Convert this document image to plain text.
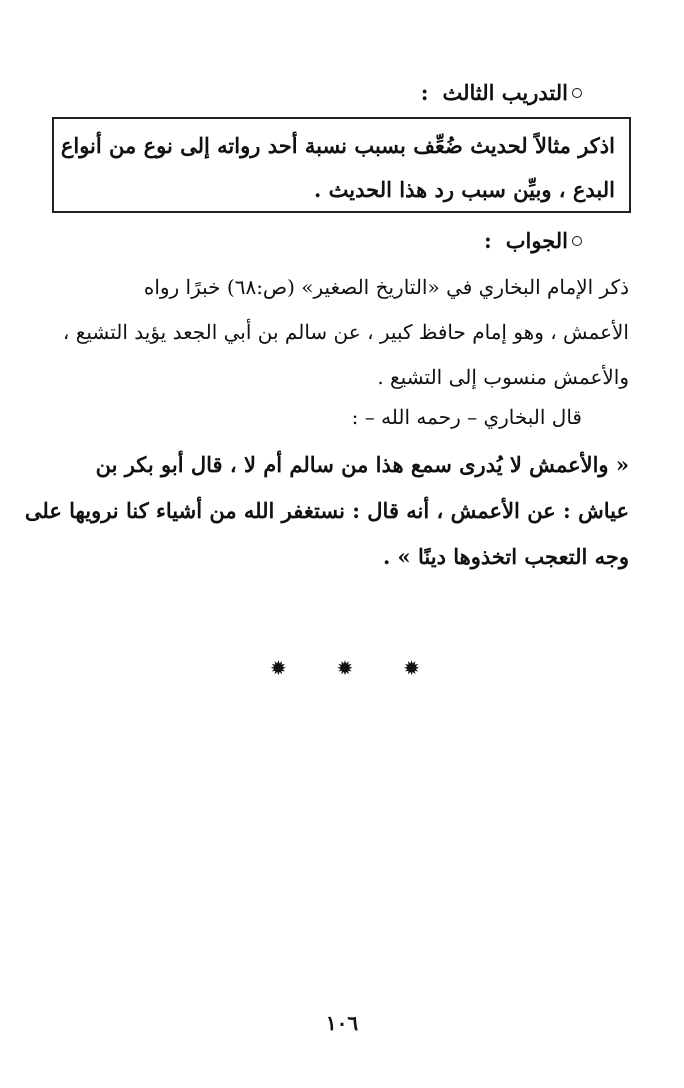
التدريب الثالث
:
اذكر مثالاً لحديث ضُعِّف بسبب نسبة أحد رواته إلى نوع من أنواع
البدع ، وبيِّن سبب رد هذا الحديث .
الجواب
:
ذكر الإمام البخاري في «التاريخ الصغير» (ص:٦٨) خبرًا رواه
الأعمش ، وهو إمام حافظ كبير ، عن سالم بن أبي الجعد يؤيد التشيع ،
والأعمش منسوب إلى التشيع .
قال البخاري – رحمه الله – :
« والأعمش لا يُدرى سمع هذا من سالم أم لا ، قال أبو بكر بن
عياش : عن الأعمش ، أنه قال : نستغفر الله من أشياء كنا نرويها على
وجه التعجب اتخذوها دينًا » .
✹ ✹ ✹
١٠٦
